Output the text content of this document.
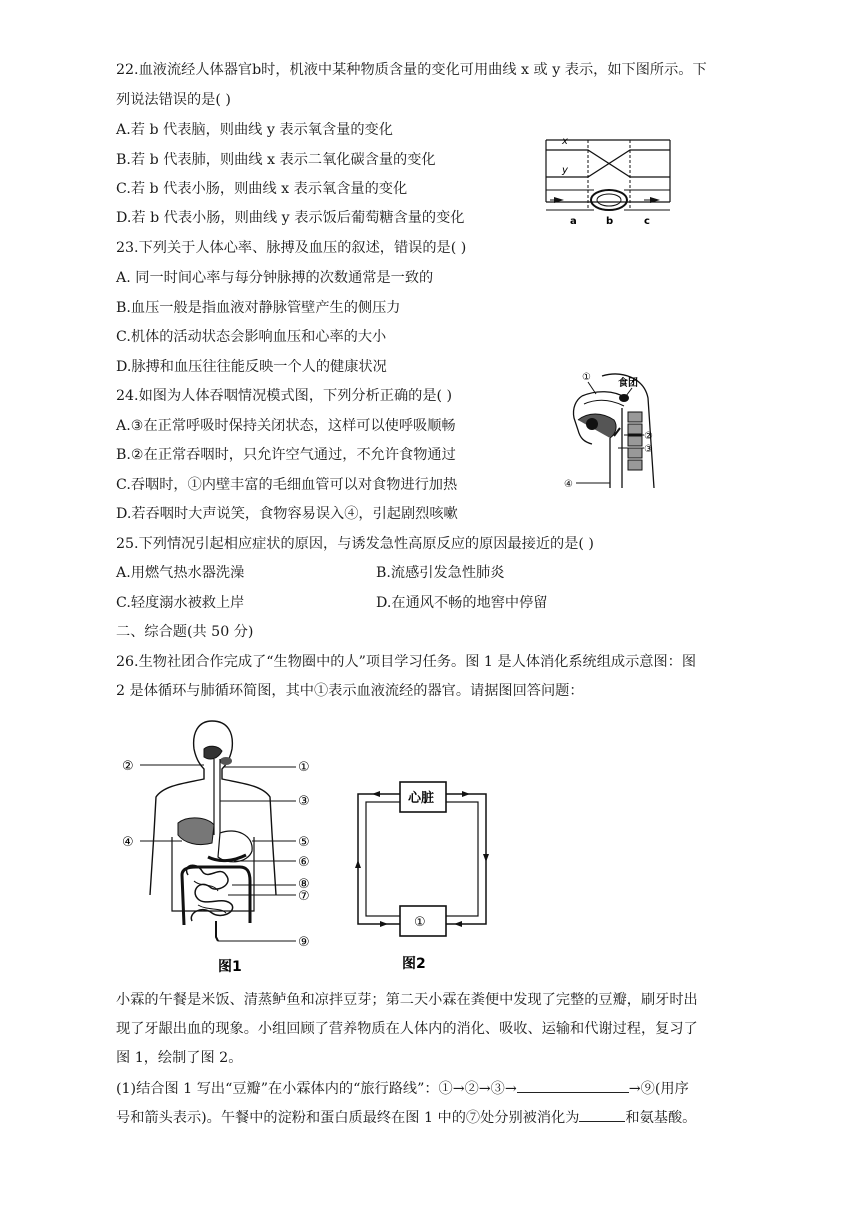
22.血液流经人体器官b时，机液中某种物质含量的变化可用曲线 x 或 y 表示，如下图所示。下
列说法错误的是( )
A.若 b 代表脑，则曲线 y 表示氧含量的变化
B.若 b 代表肺，则曲线 x 表示二氧化碳含量的变化
C.若 b 代表小肠，则曲线 x 表示氧含量的变化
D.若 b 代表小肠，则曲线 y 表示饭后葡萄糖含量的变化
x
y
a	b	c
23.下列关于人体心率、脉搏及血压的叙述，错误的是( )
A. 同一时间心率与每分钟脉搏的次数通常是一致的
B.血压一般是指血液对静脉管壁产生的侧压力
C.机体的活动状态会影响血压和心率的大小
D.脉搏和血压往往能反映一个人的健康状况
24.如图为人体吞咽情况模式图，下列分析正确的是( )
A.③在正常呼吸时保持关闭状态，这样可以使呼吸顺畅
B.②在正常吞咽时，只允许空气通过，不允许食物通过
C.吞咽时，①内壁丰富的毛细血管可以对食物进行加热
D.若吞咽时大声说笑，食物容易误入④，引起剧烈咳嗽
①
食团
②
③
④
25.下列情况引起相应症状的原因，与诱发急性高原反应的原因最接近的是( )
A.用燃气热水器洗澡	B.流感引发急性肺炎
C.轻度溺水被救上岸	D.在通风不畅的地窖中停留
二、综合题(共 50 分)
26.生物社团合作完成了“生物圈中的人”项目学习任务。图 1 是人体消化系统组成示意图：图
2 是体循环与肺循环简图，其中①表示血液流经的器官。请据图回答问题：
①
②
③
④	⑤
⑥
⑦
⑧
⑨
图1
心脏
①
图2
小霖的午餐是米饭、清蒸鲈鱼和凉拌豆芽；第二天小霖在粪便中发现了完整的豆瓣，刷牙时出
现了牙龈出血的现象。小组回顾了营养物质在人体内的消化、吸收、运输和代谢过程，复习了
图 1，绘制了图 2。
(1)结合图 1 写出“豆瓣”在小霖体内的“旅行路线”：①→②→③→	→⑨(用序
号和箭头表示)。午餐中的淀粉和蛋白质最终在图 1 中的⑦处分别被消化为	和氨基酸。
